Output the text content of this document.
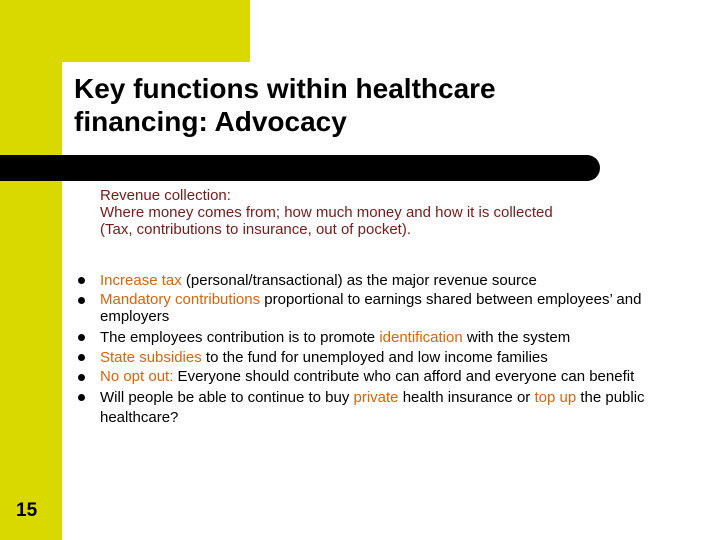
Key functions within healthcare
financing: Advocacy
Revenue collection:
Where money comes from; how much money and how it is collected
(Tax, contributions to insurance, out of pocket).
Increase tax (personal/transactional) as the major revenue source
Mandatory contributions proportional to earnings shared between employees’ and employers
The employees contribution is to promote identification with the system
State subsidies to the fund for unemployed and low income families
No opt out: Everyone should contribute who can afford and everyone can benefit
Will people be able to continue to buy private health insurance or top up the public healthcare?
15
